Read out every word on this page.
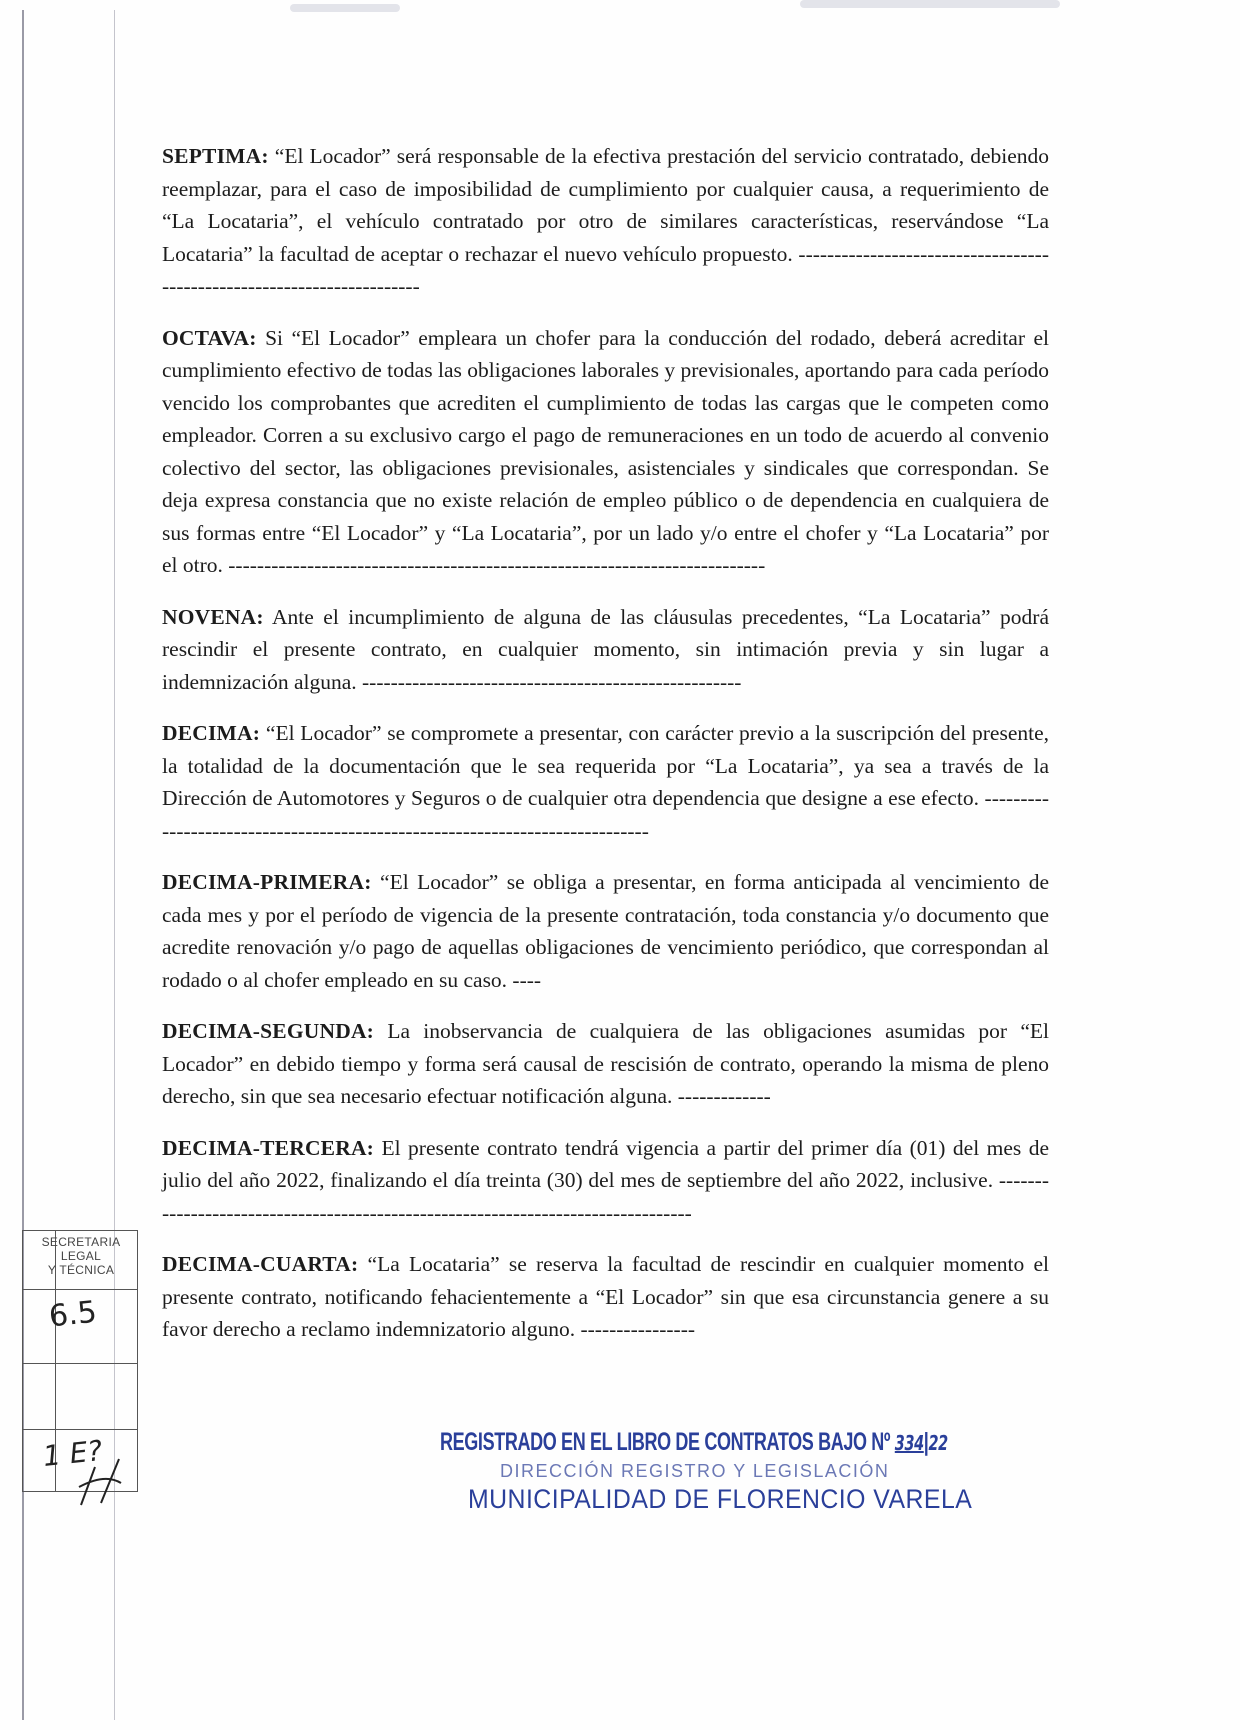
SEPTIMA: “El Locador” será responsable de la efectiva prestación del servicio contratado, debiendo reemplazar, para el caso de imposibilidad de cumplimiento por cualquier causa, a requerimiento de “La Locataria”, el vehículo contratado por otro de similares características, reservándose “La Locataria” la facultad de aceptar o rechazar el nuevo vehículo propuesto. -----------------------------------------------------------------------

OCTAVA: Si “El Locador” empleara un chofer para la conducción del rodado, deberá acreditar el cumplimiento efectivo de todas las obligaciones laborales y previsionales, aportando para cada período vencido los comprobantes que acrediten el cumplimiento de todas las cargas que le competen como empleador. Corren a su exclusivo cargo el pago de remuneraciones en un todo de acuerdo al convenio colectivo del sector, las obligaciones previsionales, asistenciales y sindicales que correspondan. Se deja expresa constancia que no existe relación de empleo público o de dependencia en cualquiera de sus formas entre “El Locador” y “La Locataria”, por un lado y/o entre el chofer y “La Locataria” por el otro. ---------------------------------------------------------------------------

NOVENA: Ante el incumplimiento de alguna de las cláusulas precedentes, “La Locataria” podrá rescindir el presente contrato, en cualquier momento, sin intimación previa y sin lugar a indemnización alguna. -----------------------------------------------------

DECIMA: “El Locador” se compromete a presentar, con carácter previo a la suscripción del presente, la totalidad de la documentación que le sea requerida por “La Locataria”, ya sea a través de la Dirección de Automotores y Seguros o de cualquier otra dependencia que designe a ese efecto. -----------------------------------------------------------------------------

DECIMA-PRIMERA: “El Locador” se obliga a presentar, en forma anticipada al vencimiento de cada mes y por el período de vigencia de la presente contratación, toda constancia y/o documento que acredite renovación y/o pago de aquellas obligaciones de vencimiento periódico, que correspondan al rodado o al chofer empleado en su caso. ----

DECIMA-SEGUNDA: La inobservancia de cualquiera de las obligaciones asumidas por “El Locador” en debido tiempo y forma será causal de rescisión de contrato, operando la misma de pleno derecho, sin que sea necesario efectuar notificación alguna. -------------

DECIMA-TERCERA: El presente contrato tendrá vigencia a partir del primer día (01) del mes de julio del año 2022, finalizando el día treinta (30) del mes de septiembre del año 2022, inclusive. ---------------------------------------------------------------------------------

DECIMA-CUARTA: “La Locataria” se reserva la facultad de rescindir en cualquier momento el presente contrato, notificando fehacientemente a “El Locador” sin que esa circunstancia genere a su favor derecho a reclamo indemnizatorio alguno. ----------------

SECRETARIA
LEGAL
Y TÉCNICA
6.5
1 E?	REGISTRADO EN EL LIBRO DE CONTRATOS BAJO Nº 334|22
DIRECCIÓN REGISTRO Y LEGISLACIÓN
MUNICIPALIDAD DE FLORENCIO VARELA
